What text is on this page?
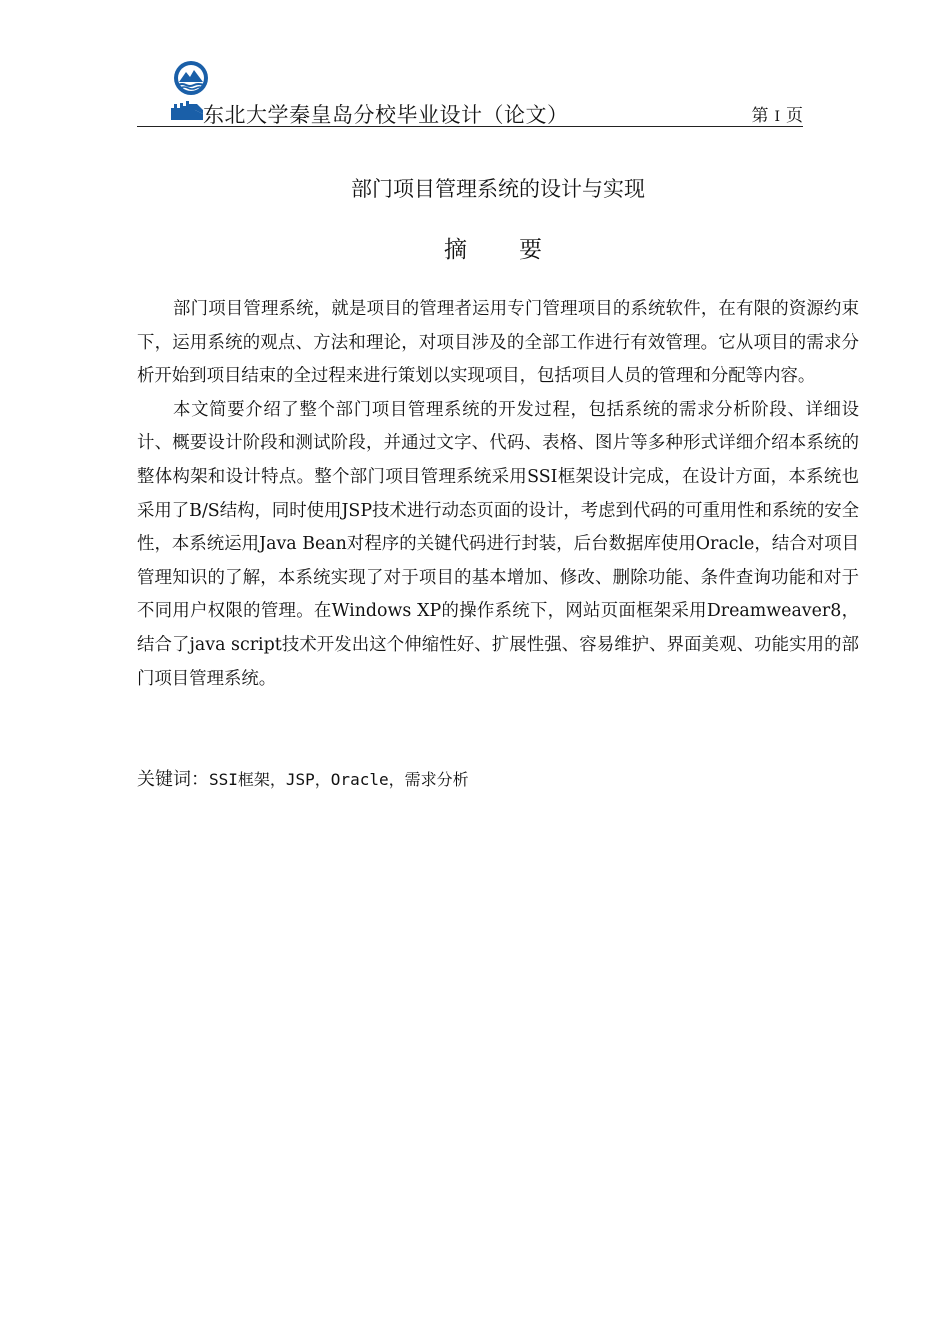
东北大学秦皇岛分校毕业设计（论文）	第 I 页
部门项目管理系统的设计与实现
摘要

部门项目管理系统，就是项目的管理者运用专门管理项目的系统软件，在有限的资源约束下，运用系统的观点、方法和理论，对项目涉及的全部工作进行有效管理。它从项目的需求分析开始到项目结束的全过程来进行策划以实现项目，包括项目人员的管理和分配等内容。

本文简要介绍了整个部门项目管理系统的开发过程，包括系统的需求分析阶段、详细设计、概要设计阶段和测试阶段，并通过文字、代码、表格、图片等多种形式详细介绍本系统的整体构架和设计特点。整个部门项目管理系统采用SSI框架设计完成，在设计方面，本系统也采用了B/S结构，同时使用JSP技术进行动态页面的设计，考虑到代码的可重用性和系统的安全性，本系统运用Java Bean对程序的关键代码进行封装，后台数据库使用Oracle，结合对项目管理知识的了解，本系统实现了对于项目的基本增加、修改、删除功能、条件查询功能和对于不同用户权限的管理。在Windows XP的操作系统下，网站页面框架采用Dreamweaver8，结合了java script技术开发出这个伸缩性好、扩展性强、容易维护、界面美观、功能实用的部门项目管理系统。

关键词：SSI框架，JSP，Oracle，需求分析
